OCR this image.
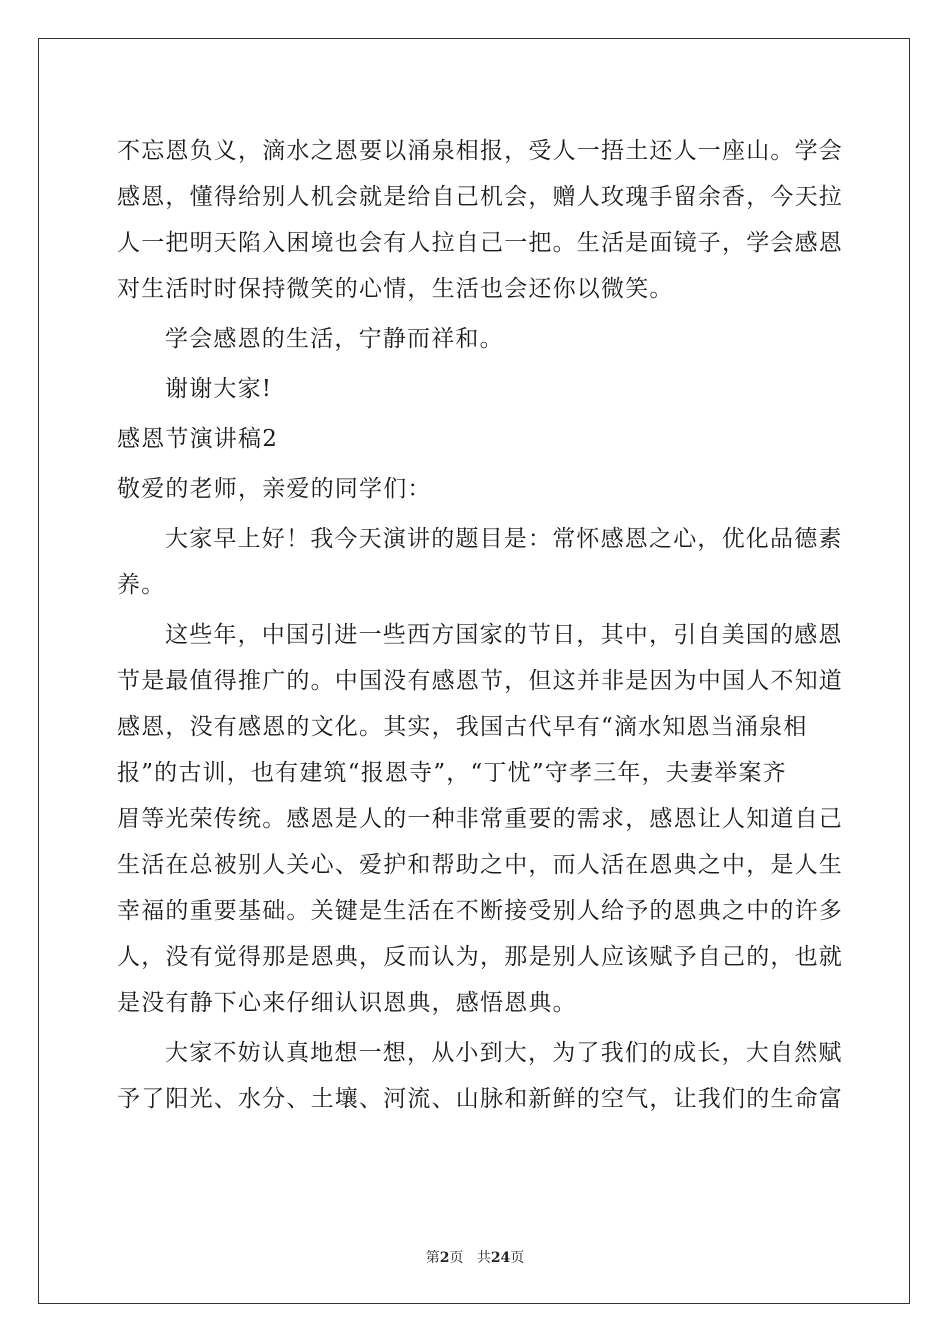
不忘恩负义，滴水之恩要以涌泉相报，受人一捂土还人一座山。学会
感恩，懂得给别人机会就是给自己机会，赠人玫瑰手留余香，今天拉
人一把明天陷入困境也会有人拉自己一把。生活是面镜子，学会感恩
对生活时时保持微笑的心情，生活也会还你以微笑。
学会感恩的生活，宁静而祥和。
谢谢大家!
感恩节演讲稿2
敬爱的老师，亲爱的同学们：
大家早上好！我今天演讲的题目是：常怀感恩之心，优化品德素
养。
这些年，中国引进一些西方国家的节日，其中，引自美国的感恩
节是最值得推广的。中国没有感恩节，但这并非是因为中国人不知道
感恩，没有感恩的文化。其实，我国古代早有“滴水知恩当涌泉相
报”的古训，也有建筑“报恩寺”，“丁忧”守孝三年，夫妻举案齐
眉等光荣传统。感恩是人的一种非常重要的需求，感恩让人知道自己
生活在总被别人关心、爱护和帮助之中，而人活在恩典之中，是人生
幸福的重要基础。关键是生活在不断接受别人给予的恩典之中的许多
人，没有觉得那是恩典，反而认为，那是别人应该赋予自己的，也就
是没有静下心来仔细认识恩典，感悟恩典。
大家不妨认真地想一想，从小到大，为了我们的成长，大自然赋
予了阳光、水分、土壤、河流、山脉和新鲜的空气，让我们的生命富
第2页 共24页
